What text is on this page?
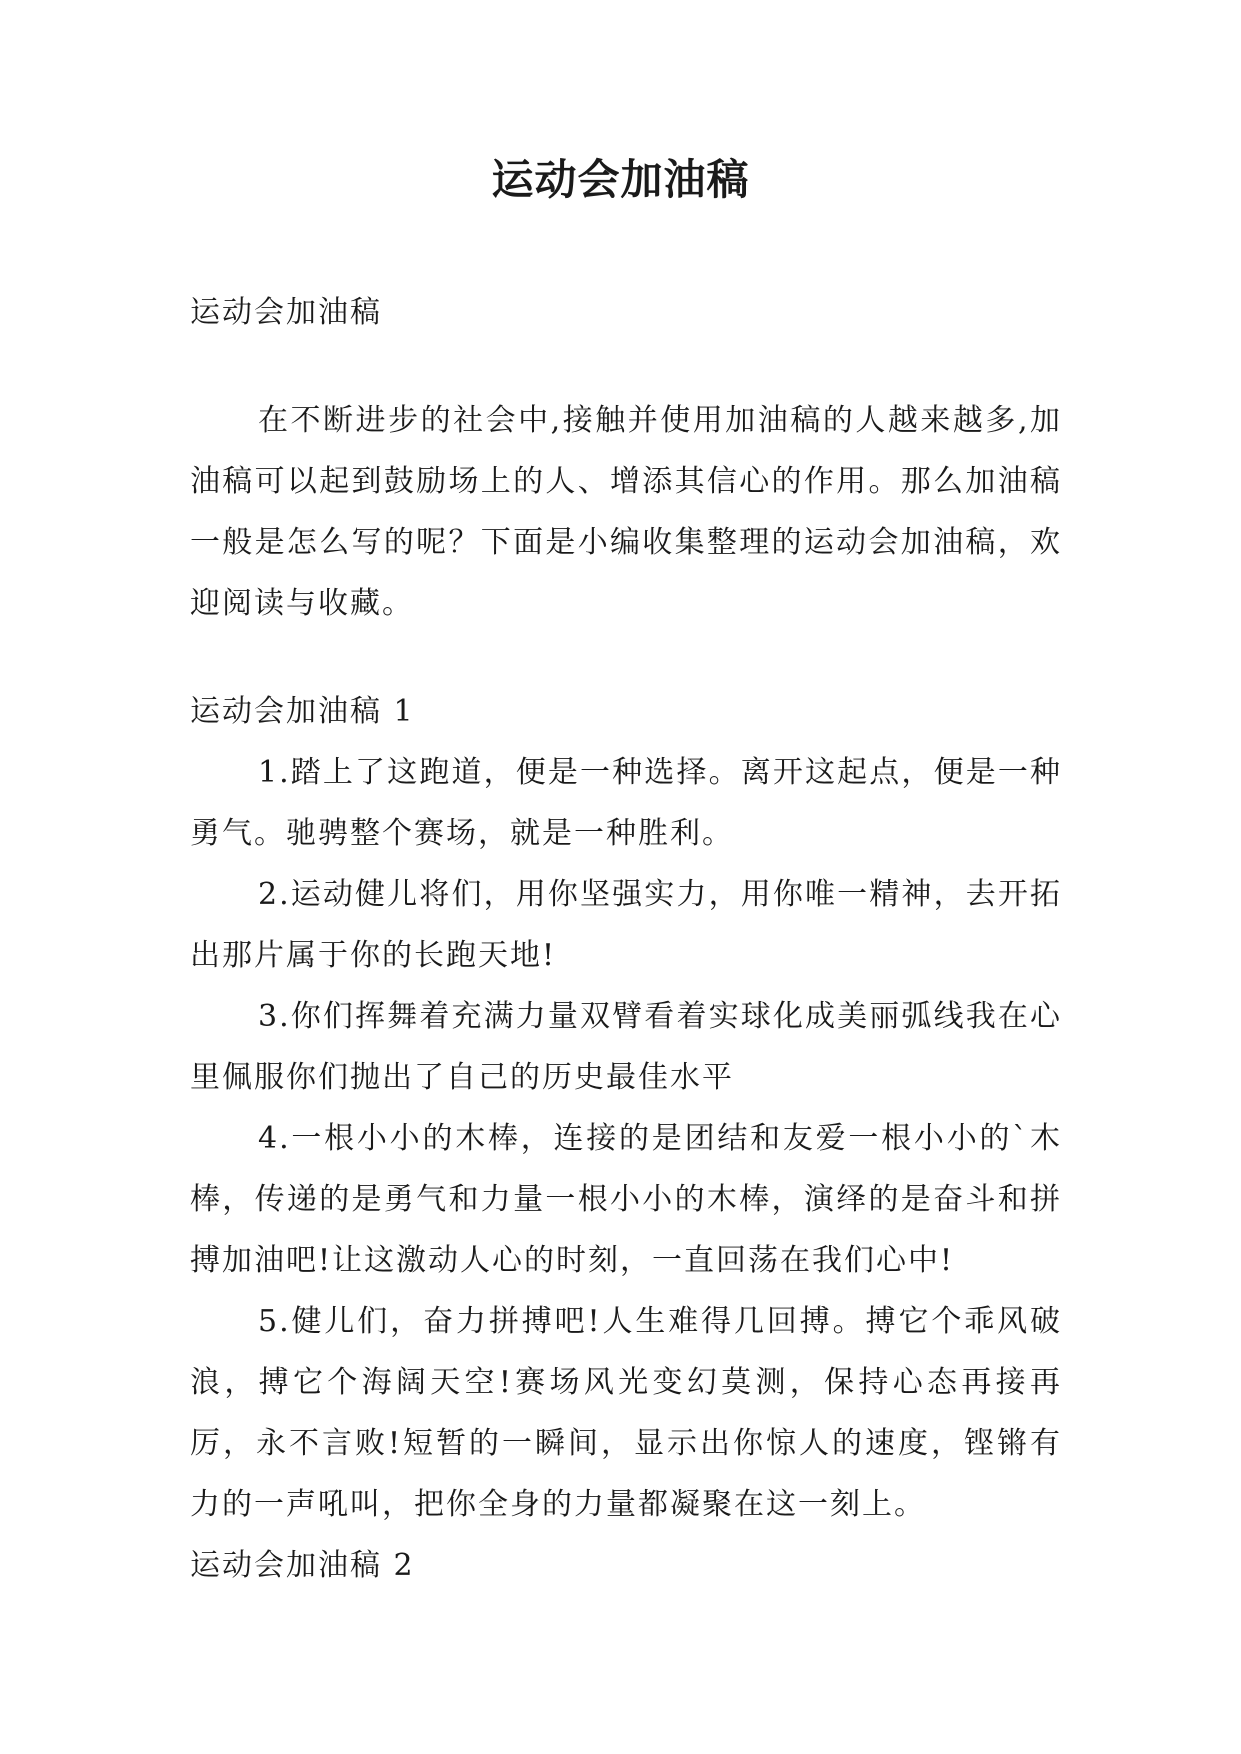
运动会加油稿

运动会加油稿

在不断进步的社会中,接触并使用加油稿的人越来越多,加油稿可以起到鼓励场上的人、增添其信心的作用。那么加油稿一般是怎么写的呢？下面是小编收集整理的运动会加油稿，欢迎阅读与收藏。

运动会加油稿 1

1.踏上了这跑道，便是一种选择。离开这起点，便是一种勇气。驰骋整个赛场，就是一种胜利。

2.运动健儿将们，用你坚强实力，用你唯一精神，去开拓出那片属于你的长跑天地!

3.你们挥舞着充满力量双臂看着实球化成美丽弧线我在心里佩服你们抛出了自己的历史最佳水平

4.一根小小的木棒，连接的是团结和友爱一根小小的`木棒，传递的是勇气和力量一根小小的木棒，演绎的是奋斗和拼搏加油吧!让这激动人心的时刻，一直回荡在我们心中!

5.健儿们，奋力拼搏吧!人生难得几回搏。搏它个乖风破浪，搏它个海阔天空!赛场风光变幻莫测，保持心态再接再厉，永不言败!短暂的一瞬间，显示出你惊人的速度，铿锵有力的一声吼叫，把你全身的力量都凝聚在这一刻上。

运动会加油稿 2
